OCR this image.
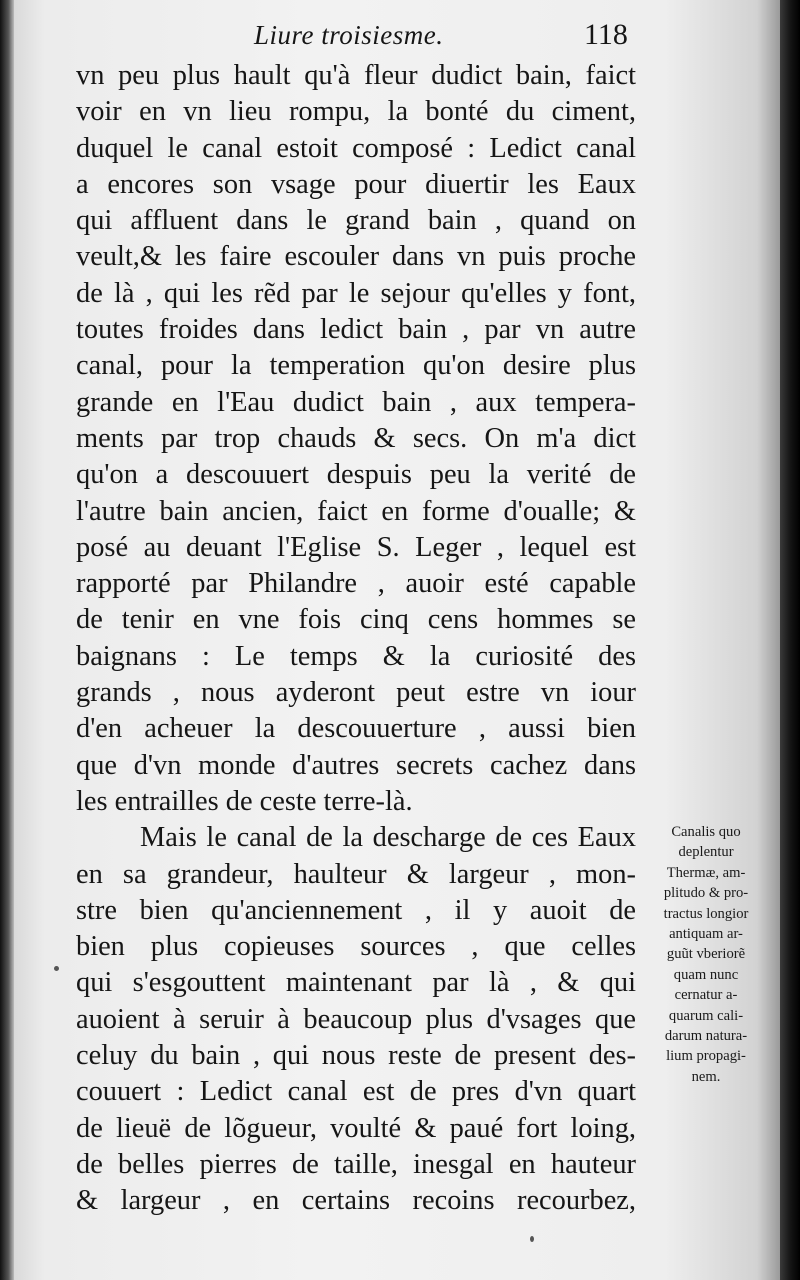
Liure troisiesme.	118
vn peu plus hault qu'à fleur dudict bain, faict
voir en vn lieu rompu, la bonté du ciment,
duquel le canal estoit composé : Ledict canal
a encores son vsage pour diuertir les Eaux
qui affluent dans le grand bain , quand on
veult,& les faire escouler dans vn puis proche
de là , qui les rẽd par le sejour qu'elles y font,
toutes froides dans ledict bain , par vn autre
canal, pour la temperation qu'on desire plus
grande en l'Eau dudict bain , aux tempera-
ments par trop chauds & secs. On m'a dict
qu'on a descouuert despuis peu la verité de
l'autre bain ancien, faict en forme d'oualle; &
posé au deuant l'Eglise S. Leger , lequel est
rapporté par Philandre , auoir esté capable
de tenir en vne fois cinq cens hommes se
baignans : Le temps & la curiosité des
grands , nous ayderont peut estre vn iour
d'en acheuer la descouuerture , aussi bien
que d'vn monde d'autres secrets cachez dans
les entrailles de ceste terre-là.
Mais le canal de la descharge de ces Eaux
en sa grandeur, haulteur & largeur , mon-
stre bien qu'anciennement , il y auoit de
bien plus copieuses sources , que celles
qui s'esgouttent maintenant par là , & qui
auoient à seruir à beaucoup plus d'vsages que
celuy du bain , qui nous reste de present des-
couuert : Ledict canal est de pres d'vn quart
de lieuë de lõgueur, voulté & paué fort loing,
de belles pierres de taille, inesgal en hauteur
& largeur , en certains recoins recourbez,
Canalis quo
deplentur
Thermæ, am-
plitudo & pro-
tractus longior
antiquam ar-
guũt vberiorẽ
quam nunc
cernatur a-
quarum cali-
darum natura-
lium propagi-
nem.
